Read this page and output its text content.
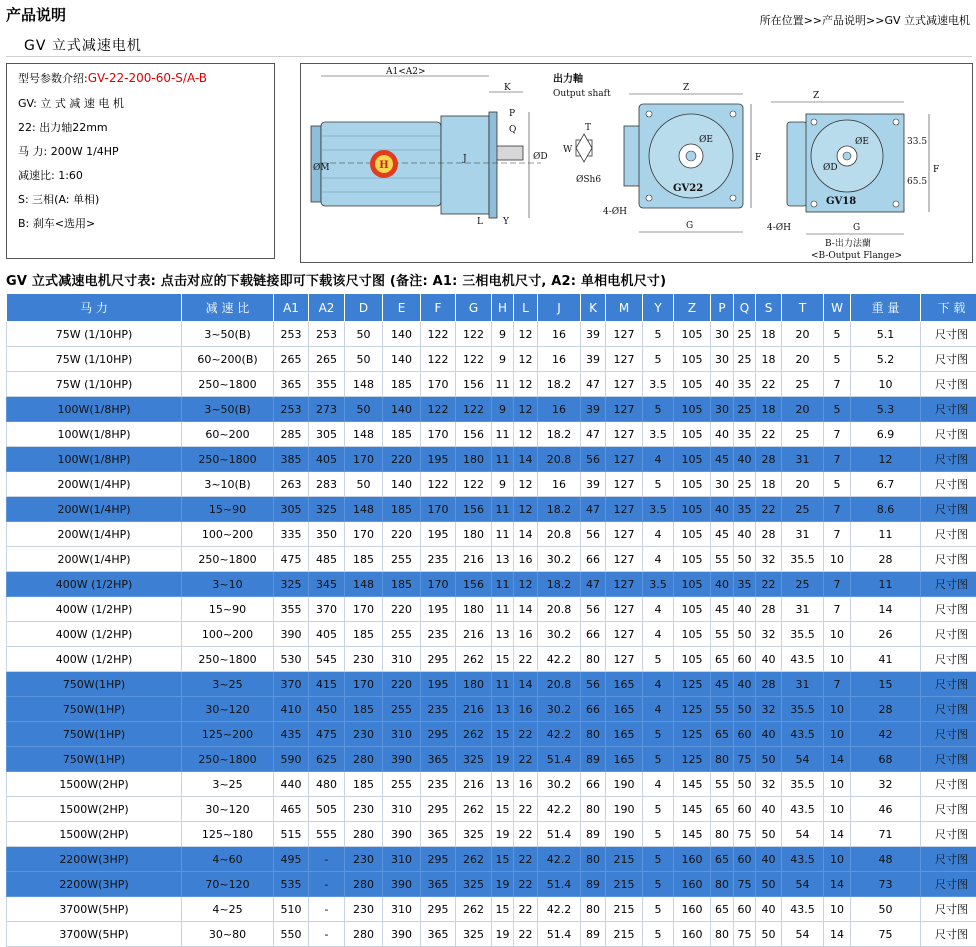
产品说明	所在位置>>产品说明>>GV 立式减速电机
GV 立式减速电机
型号参数介绍:GV-22-200-60-S/A-B
GV: 立 式 减 速 电 机
22: 出力轴22mm
马 力: 200W 1/4HP
减速比: 1:60
S: 三相(A: 单相)
B: 刹车<选用>
H
A1<A2>
K
P
Q
ØM
J	ØD
L Y
出力軸
Output shaft
T
W
ØSh6
GV22
ØE
Z
F
G
4-ØH
GV18
ØE
ØD
Z
33.5
65.5
F
G
4-ØH
B-出力法蘭
<B-Output Flange>
GV 立式减速电机尺寸表: 点击对应的下载链接即可下载该尺寸图 (备注: A1: 三相电机尺寸, A2: 单相电机尺寸)
马 力	减 速 比	A1	A2	D	E	F	G	H	L	J	K	M	Y	Z	P	Q	S	T	W	重 量	下 载
75W (1/10HP)	3~50(B)	253	253	50	140	122	122	9	12	16	39	127	5	105	30	25	18	20	5	5.1	尺寸图
75W (1/10HP)	60~200(B)	265	265	50	140	122	122	9	12	16	39	127	5	105	30	25	18	20	5	5.2	尺寸图
75W (1/10HP)	250~1800	365	355	148	185	170	156	11	12	18.2	47	127	3.5	105	40	35	22	25	7	10	尺寸图
100W(1/8HP)	3~50(B)	253	273	50	140	122	122	9	12	16	39	127	5	105	30	25	18	20	5	5.3	尺寸图
100W(1/8HP)	60~200	285	305	148	185	170	156	11	12	18.2	47	127	3.5	105	40	35	22	25	7	6.9	尺寸图
100W(1/8HP)	250~1800	385	405	170	220	195	180	11	14	20.8	56	127	4	105	45	40	28	31	7	12	尺寸图
200W(1/4HP)	3~10(B)	263	283	50	140	122	122	9	12	16	39	127	5	105	30	25	18	20	5	6.7	尺寸图
200W(1/4HP)	15~90	305	325	148	185	170	156	11	12	18.2	47	127	3.5	105	40	35	22	25	7	8.6	尺寸图
200W(1/4HP)	100~200	335	350	170	220	195	180	11	14	20.8	56	127	4	105	45	40	28	31	7	11	尺寸图
200W(1/4HP)	250~1800	475	485	185	255	235	216	13	16	30.2	66	127	4	105	55	50	32	35.5	10	28	尺寸图
400W (1/2HP)	3~10	325	345	148	185	170	156	11	12	18.2	47	127	3.5	105	40	35	22	25	7	11	尺寸图
400W (1/2HP)	15~90	355	370	170	220	195	180	11	14	20.8	56	127	4	105	45	40	28	31	7	14	尺寸图
400W (1/2HP)	100~200	390	405	185	255	235	216	13	16	30.2	66	127	4	105	55	50	32	35.5	10	26	尺寸图
400W (1/2HP)	250~1800	530	545	230	310	295	262	15	22	42.2	80	127	5	105	65	60	40	43.5	10	41	尺寸图
750W(1HP)	3~25	370	415	170	220	195	180	11	14	20.8	56	165	4	125	45	40	28	31	7	15	尺寸图
750W(1HP)	30~120	410	450	185	255	235	216	13	16	30.2	66	165	4	125	55	50	32	35.5	10	28	尺寸图
750W(1HP)	125~200	435	475	230	310	295	262	15	22	42.2	80	165	5	125	65	60	40	43.5	10	42	尺寸图
750W(1HP)	250~1800	590	625	280	390	365	325	19	22	51.4	89	165	5	125	80	75	50	54	14	68	尺寸图
1500W(2HP)	3~25	440	480	185	255	235	216	13	16	30.2	66	190	4	145	55	50	32	35.5	10	32	尺寸图
1500W(2HP)	30~120	465	505	230	310	295	262	15	22	42.2	80	190	5	145	65	60	40	43.5	10	46	尺寸图
1500W(2HP)	125~180	515	555	280	390	365	325	19	22	51.4	89	190	5	145	80	75	50	54	14	71	尺寸图
2200W(3HP)	4~60	495	-	230	310	295	262	15	22	42.2	80	215	5	160	65	60	40	43.5	10	48	尺寸图
2200W(3HP)	70~120	535	-	280	390	365	325	19	22	51.4	89	215	5	160	80	75	50	54	14	73	尺寸图
3700W(5HP)	4~25	510	-	230	310	295	262	15	22	42.2	80	215	5	160	65	60	40	43.5	10	50	尺寸图
3700W(5HP)	30~80	550	-	280	390	365	325	19	22	51.4	89	215	5	160	80	75	50	54	14	75	尺寸图
